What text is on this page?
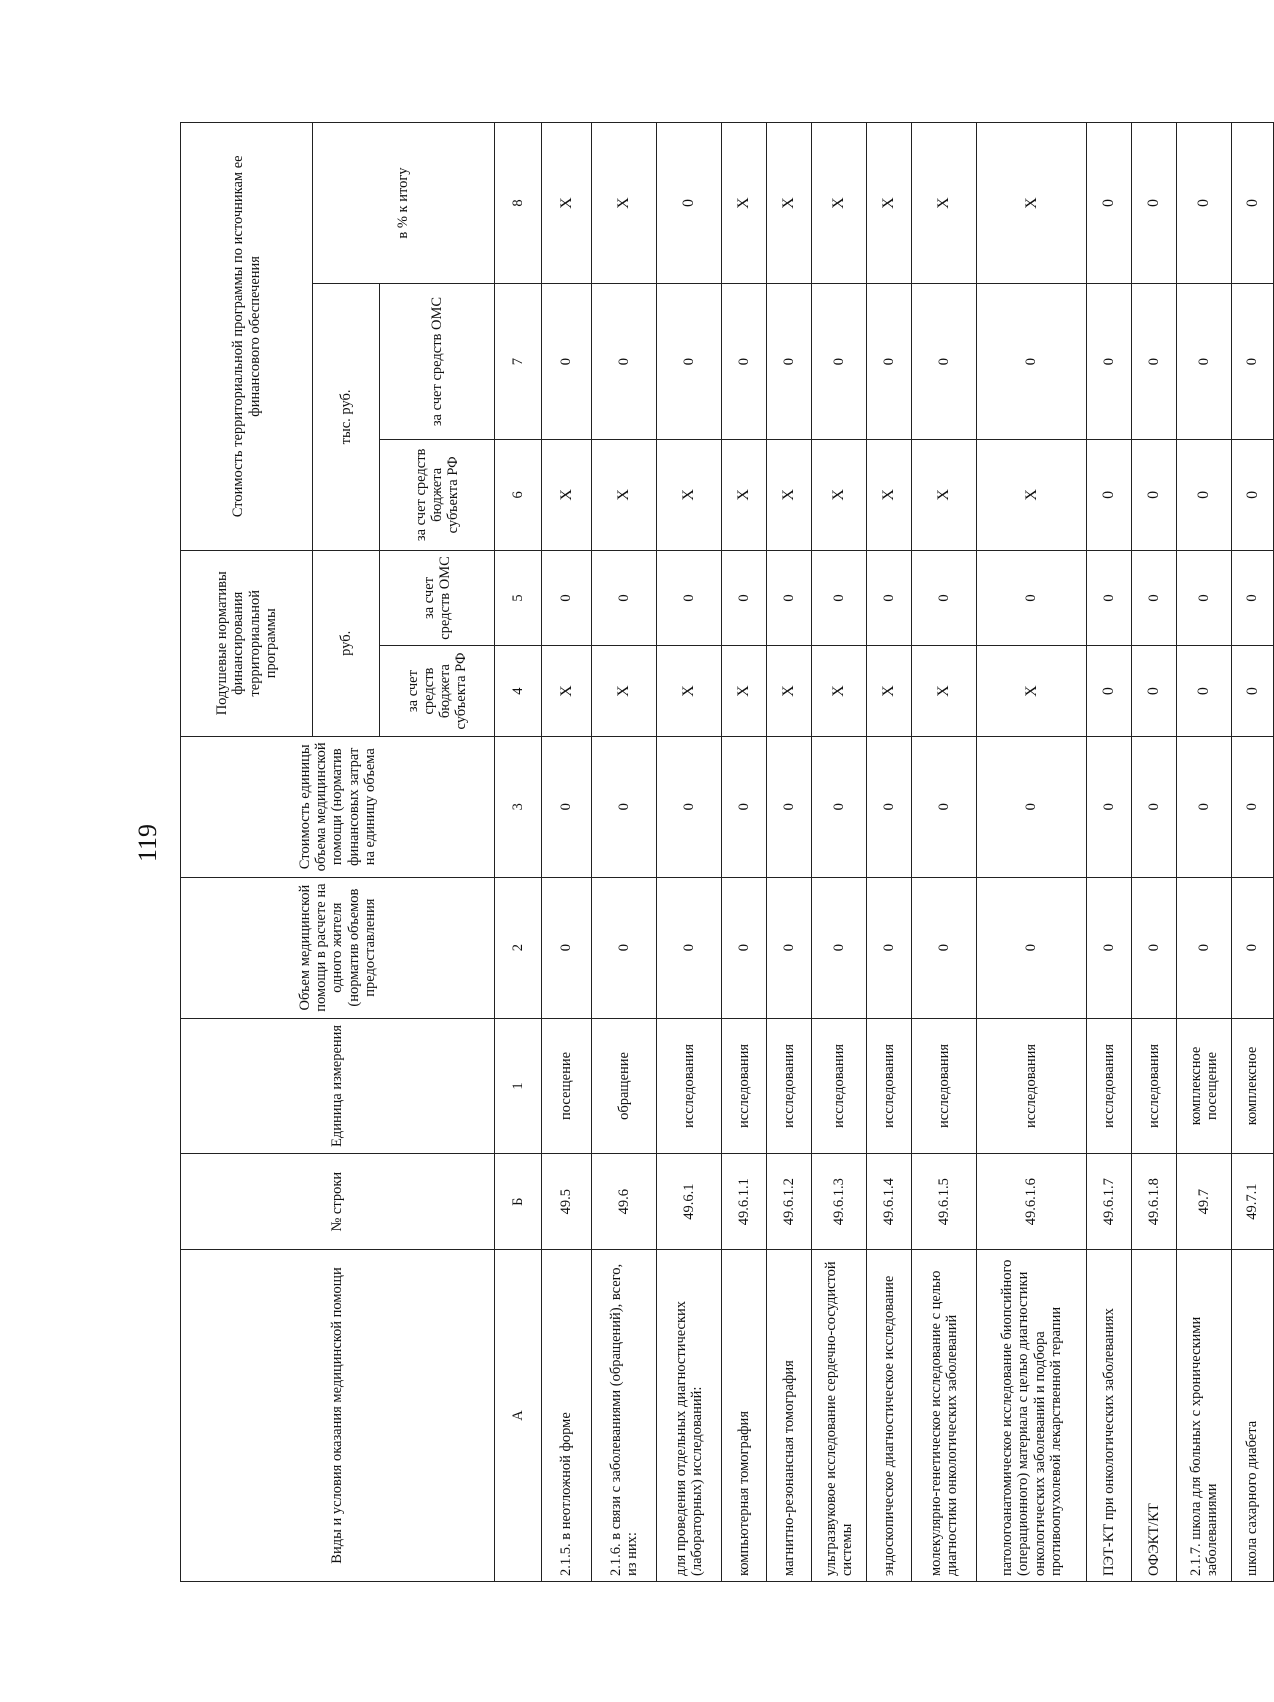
119
Виды и условия оказания медицинской помощи	№ строки	Единица измерения	Объем медицинской помощи в расчете на одного жителя (норматив объемов предоставления	Стоимость единицы объема медицинской помощи (норматив финансовых затрат на единицу объема	Подушевые нормативы финансирования территориальной программы		Стоимость территориальной программы по источникам ее финансового обеспечения		
					руб.		тыс. руб.		в % к итогу
					за счет средств бюджета субъекта РФ	за счет средств ОМС	за счет средств бюджета субъекта РФ	за счет средств ОМС	
А	Б	1	2	3	4	5	6	7	8
2.1.5. в неотложной форме	49.5	посещение	0	0	X	0	X	0	X
2.1.6. в связи с заболеваниями (обращений), всего, из них:	49.6	обращение	0	0	X	0	X	0	X
для проведения отдельных диагностических (лабораторных) исследований:	49.6.1	исследования	0	0	X	0	X	0	0
компьютерная томография	49.6.1.1	исследования	0	0	X	0	X	0	X
магнитно-резонансная томография	49.6.1.2	исследования	0	0	X	0	X	0	X
ультразвуковое исследование сердечно-сосудистой системы	49.6.1.3	исследования	0	0	X	0	X	0	X
эндоскопическое диагностическое исследование	49.6.1.4	исследования	0	0	X	0	X	0	X
молекулярно-генетическое исследование с целью диагностики онкологических заболеваний	49.6.1.5	исследования	0	0	X	0	X	0	X
патологоанатомическое исследование биопсийного (операционного) материала с целью диагностики онкологических заболеваний и подбора противоопухолевой лекарственной терапии	49.6.1.6	исследования	0	0	X	0	X	0	X
ПЭТ-КТ при онкологических заболеваниях	49.6.1.7	исследования	0	0	0	0	0	0	0
ОФЭКТ/КТ	49.6.1.8	исследования	0	0	0	0	0	0	0
2.1.7. школа для больных с хроническими заболеваниями	49.7	комплексное посещение	0	0	0	0	0	0	0
школа сахарного диабета	49.7.1	комплексное	0	0	0	0	0	0	0
